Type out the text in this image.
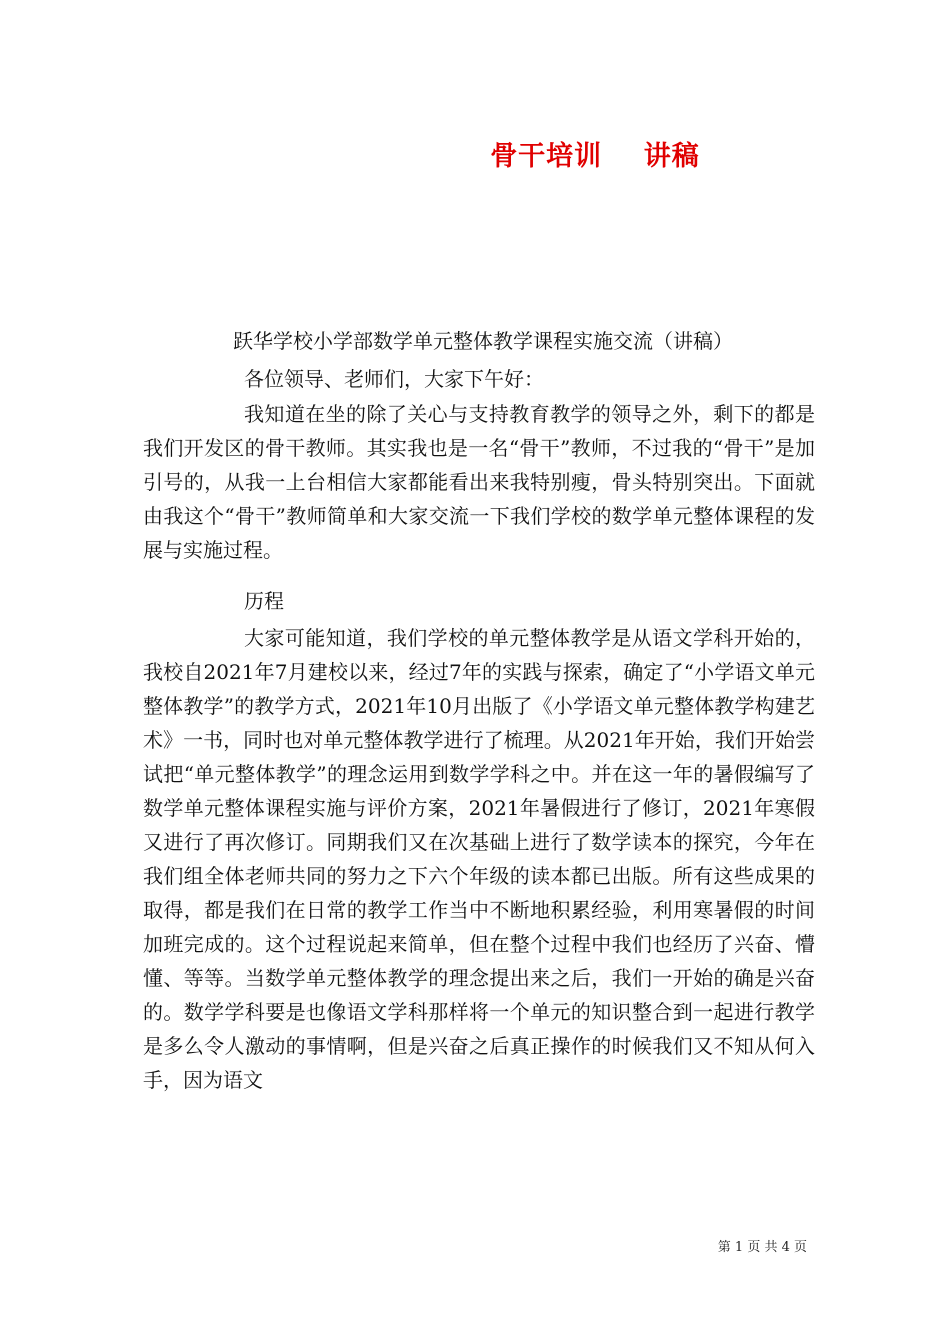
骨干培训    讲稿
跃华学校小学部数学单元整体教学课程实施交流（讲稿）
各位领导、老师们，大家下午好：

我知道在坐的除了关心与支持教育教学的领导之外，剩下的都是我们开发区的骨干教师。其实我也是一名“骨干”教师，不过我的“骨干”是加引号的，从我一上台相信大家都能看出来我特别瘦，骨头特别突出。下面就由我这个“骨干”教师简单和大家交流一下我们学校的数学单元整体课程的发展与实施过程。

历程

大家可能知道，我们学校的单元整体教学是从语文学科开始的，我校自2021年7月建校以来，经过7年的实践与探索，确定了“小学语文单元整体教学”的教学方式，2021年10月出版了《小学语文单元整体教学构建艺术》一书，同时也对单元整体教学进行了梳理。从2021年开始，我们开始尝试把“单元整体教学”的理念运用到数学学科之中。并在这一年的暑假编写了数学单元整体课程实施与评价方案，2021年暑假进行了修订，2021年寒假又进行了再次修订。同期我们又在次基础上进行了数学读本的探究，今年在我们组全体老师共同的努力之下六个年级的读本都已出版。所有这些成果的取得，都是我们在日常的教学工作当中不断地积累经验，利用寒暑假的时间加班完成的。这个过程说起来简单，但在整个过程中我们也经历了兴奋、懵懂、等等。当数学单元整体教学的理念提出来之后，我们一开始的确是兴奋的。数学学科要是也像语文学科那样将一个单元的知识整合到一起进行教学是多么令人激动的事情啊，但是兴奋之后真正操作的时候我们又不知从何入手，因为语文

第 1 页 共 4 页
